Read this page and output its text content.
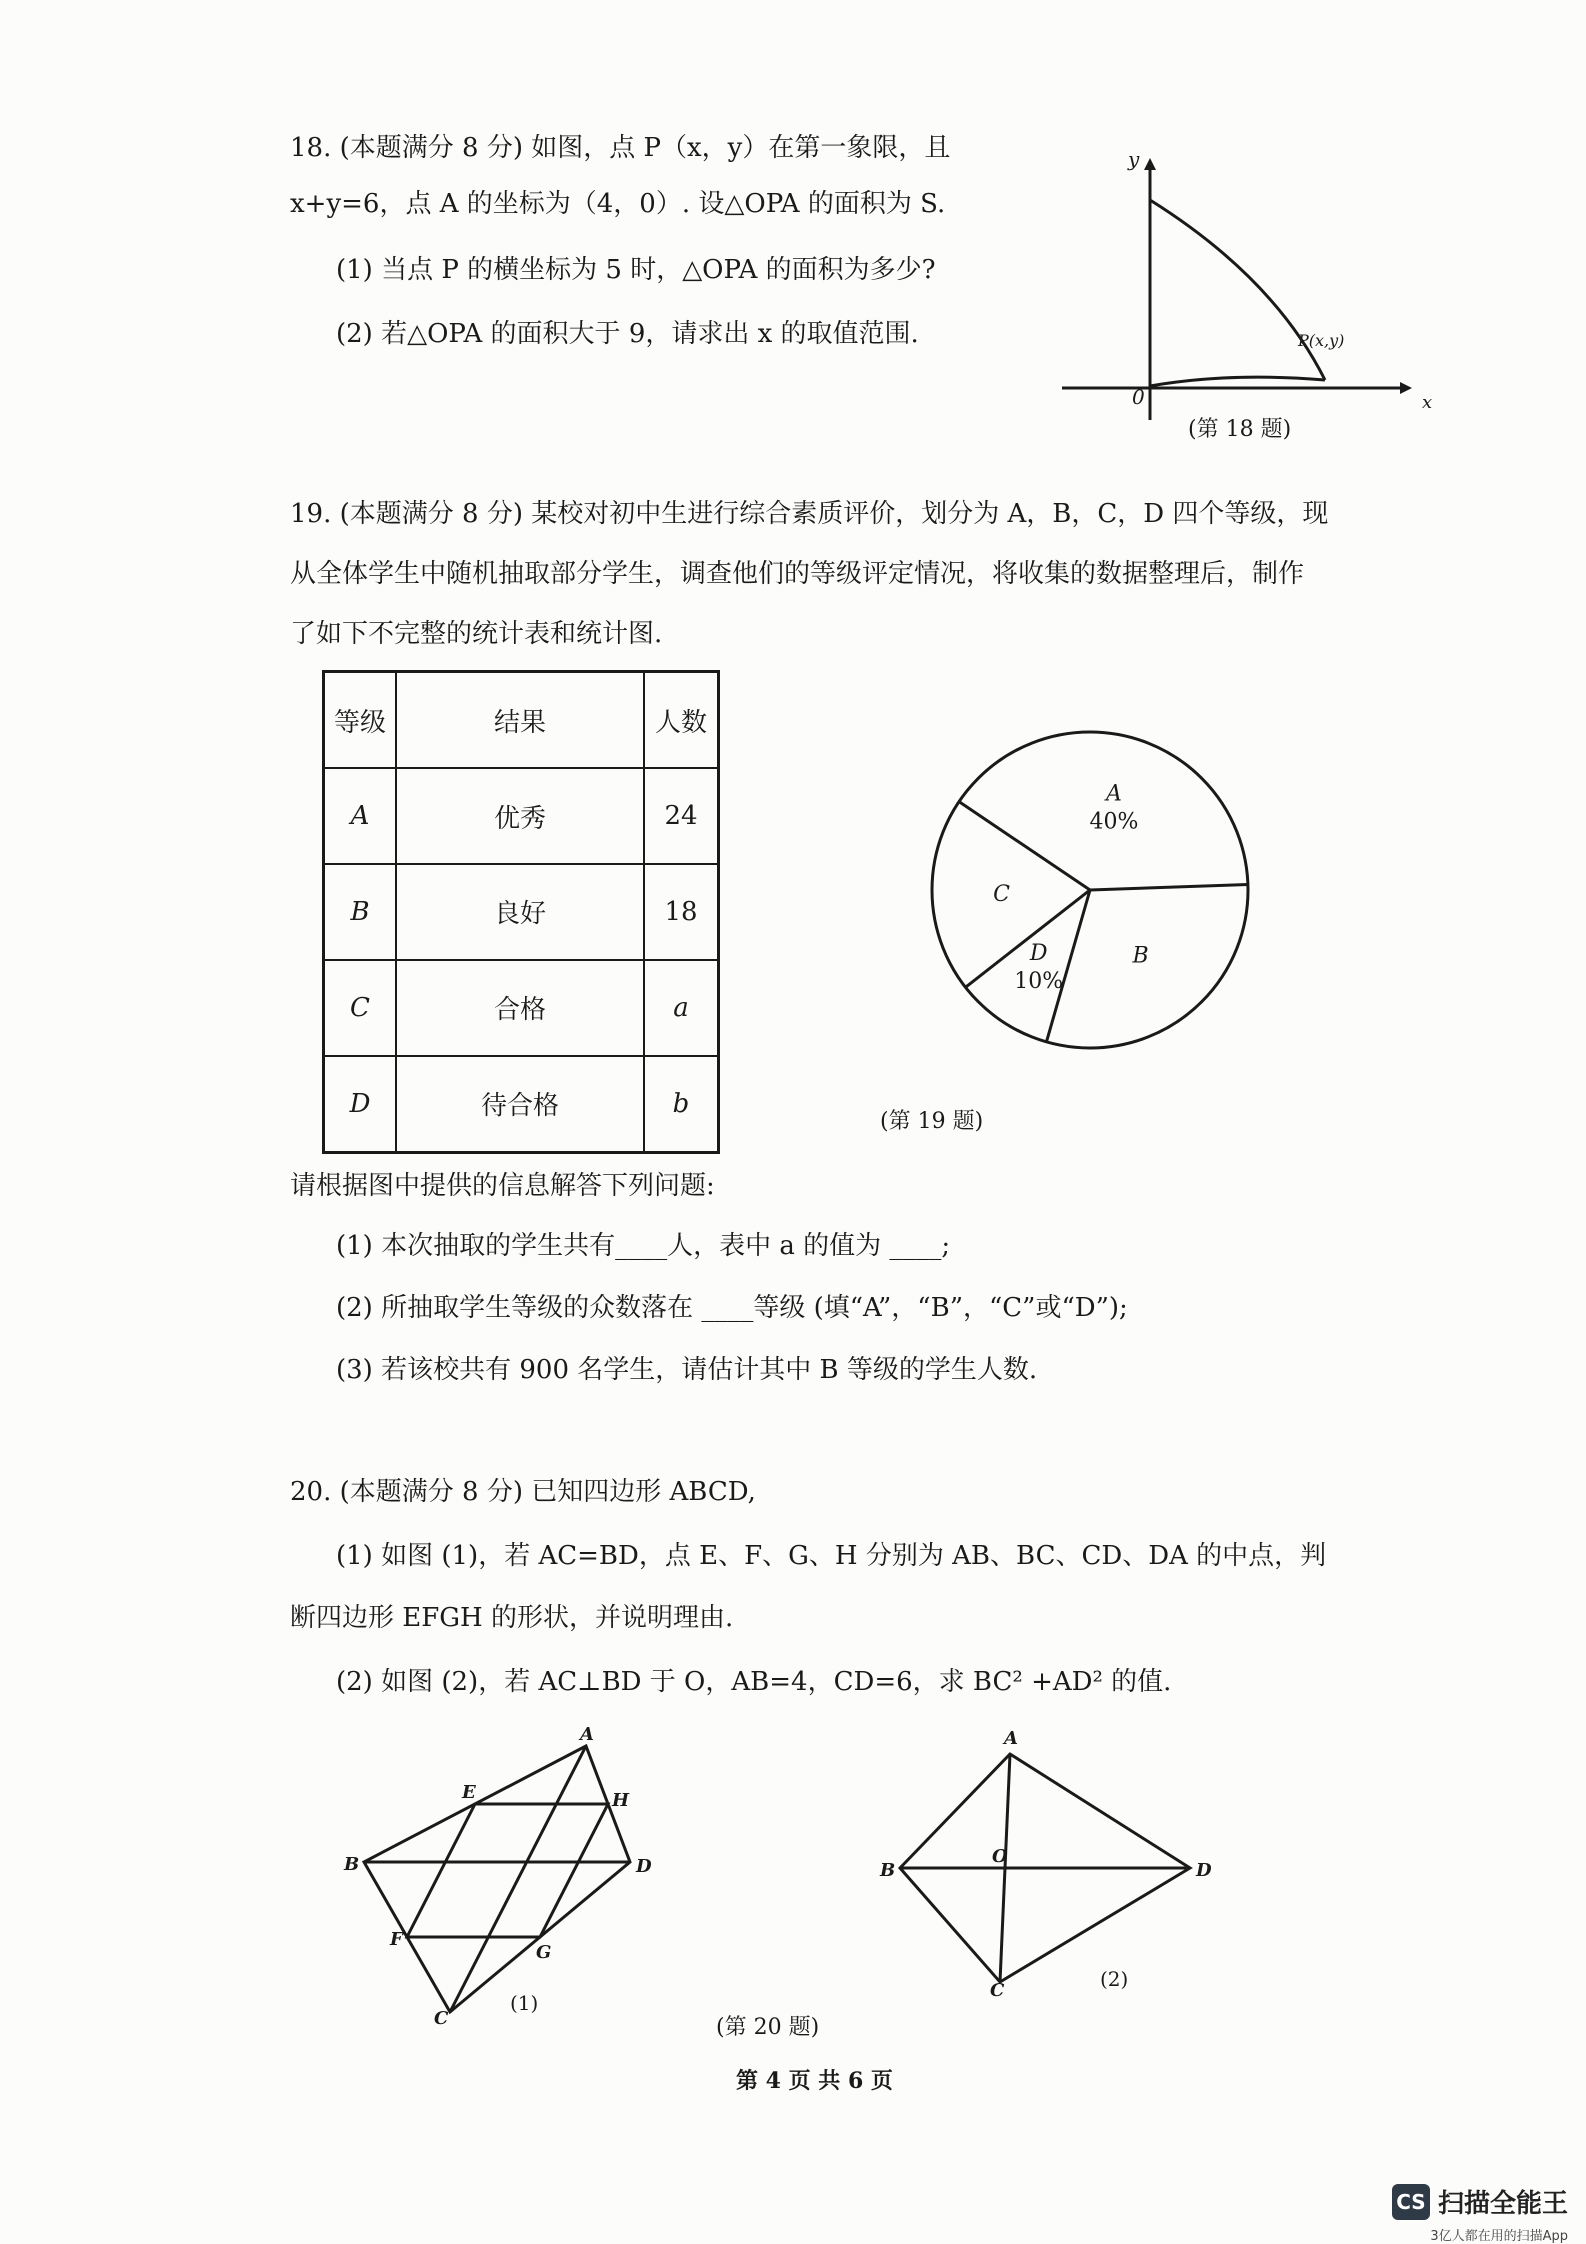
18. (本题满分 8 分) 如图，点 P（x，y）在第一象限，且
x+y=6，点 A 的坐标为（4，0）. 设△OPA 的面积为 S.
(1) 当点 P 的横坐标为 5 时，△OPA 的面积为多少?
(2) 若△OPA 的面积大于 9，请求出 x 的取值范围.
y
x
0
P(x,y)
(第 18 题)
19. (本题满分 8 分) 某校对初中生进行综合素质评价，划分为 A，B，C，D 四个等级，现
从全体学生中随机抽取部分学生，调查他们的等级评定情况，将收集的数据整理后，制作
了如下不完整的统计表和统计图.
等级	结果	人数
A	优秀	24
B	良好	18
C	合格	a
D	待合格	b
A
40%
B
D
10%
C
(第 19 题)
请根据图中提供的信息解答下列问题:
(1) 本次抽取的学生共有____人，表中 a 的值为 ____;
(2) 所抽取学生等级的众数落在 ____等级 (填“A”，“B”，“C”或“D”);
(3) 若该校共有 900 名学生，请估计其中 B 等级的学生人数.
20. (本题满分 8 分) 已知四边形 ABCD,
(1) 如图 (1)，若 AC=BD，点 E、F、G、H 分别为 AB、BC、CD、DA 的中点，判
断四边形 EFGH 的形状，并说明理由.
(2) 如图 (2)，若 AC⊥BD 于 O，AB=4，CD=6，求 BC² +AD² 的值.
A
B
C
D
E
F
G
H
(1)
A
B
C
D
O
(2)
(第 20 题)
第 4 页 共 6 页
CS 扫描全能王
3亿人都在用的扫描App
